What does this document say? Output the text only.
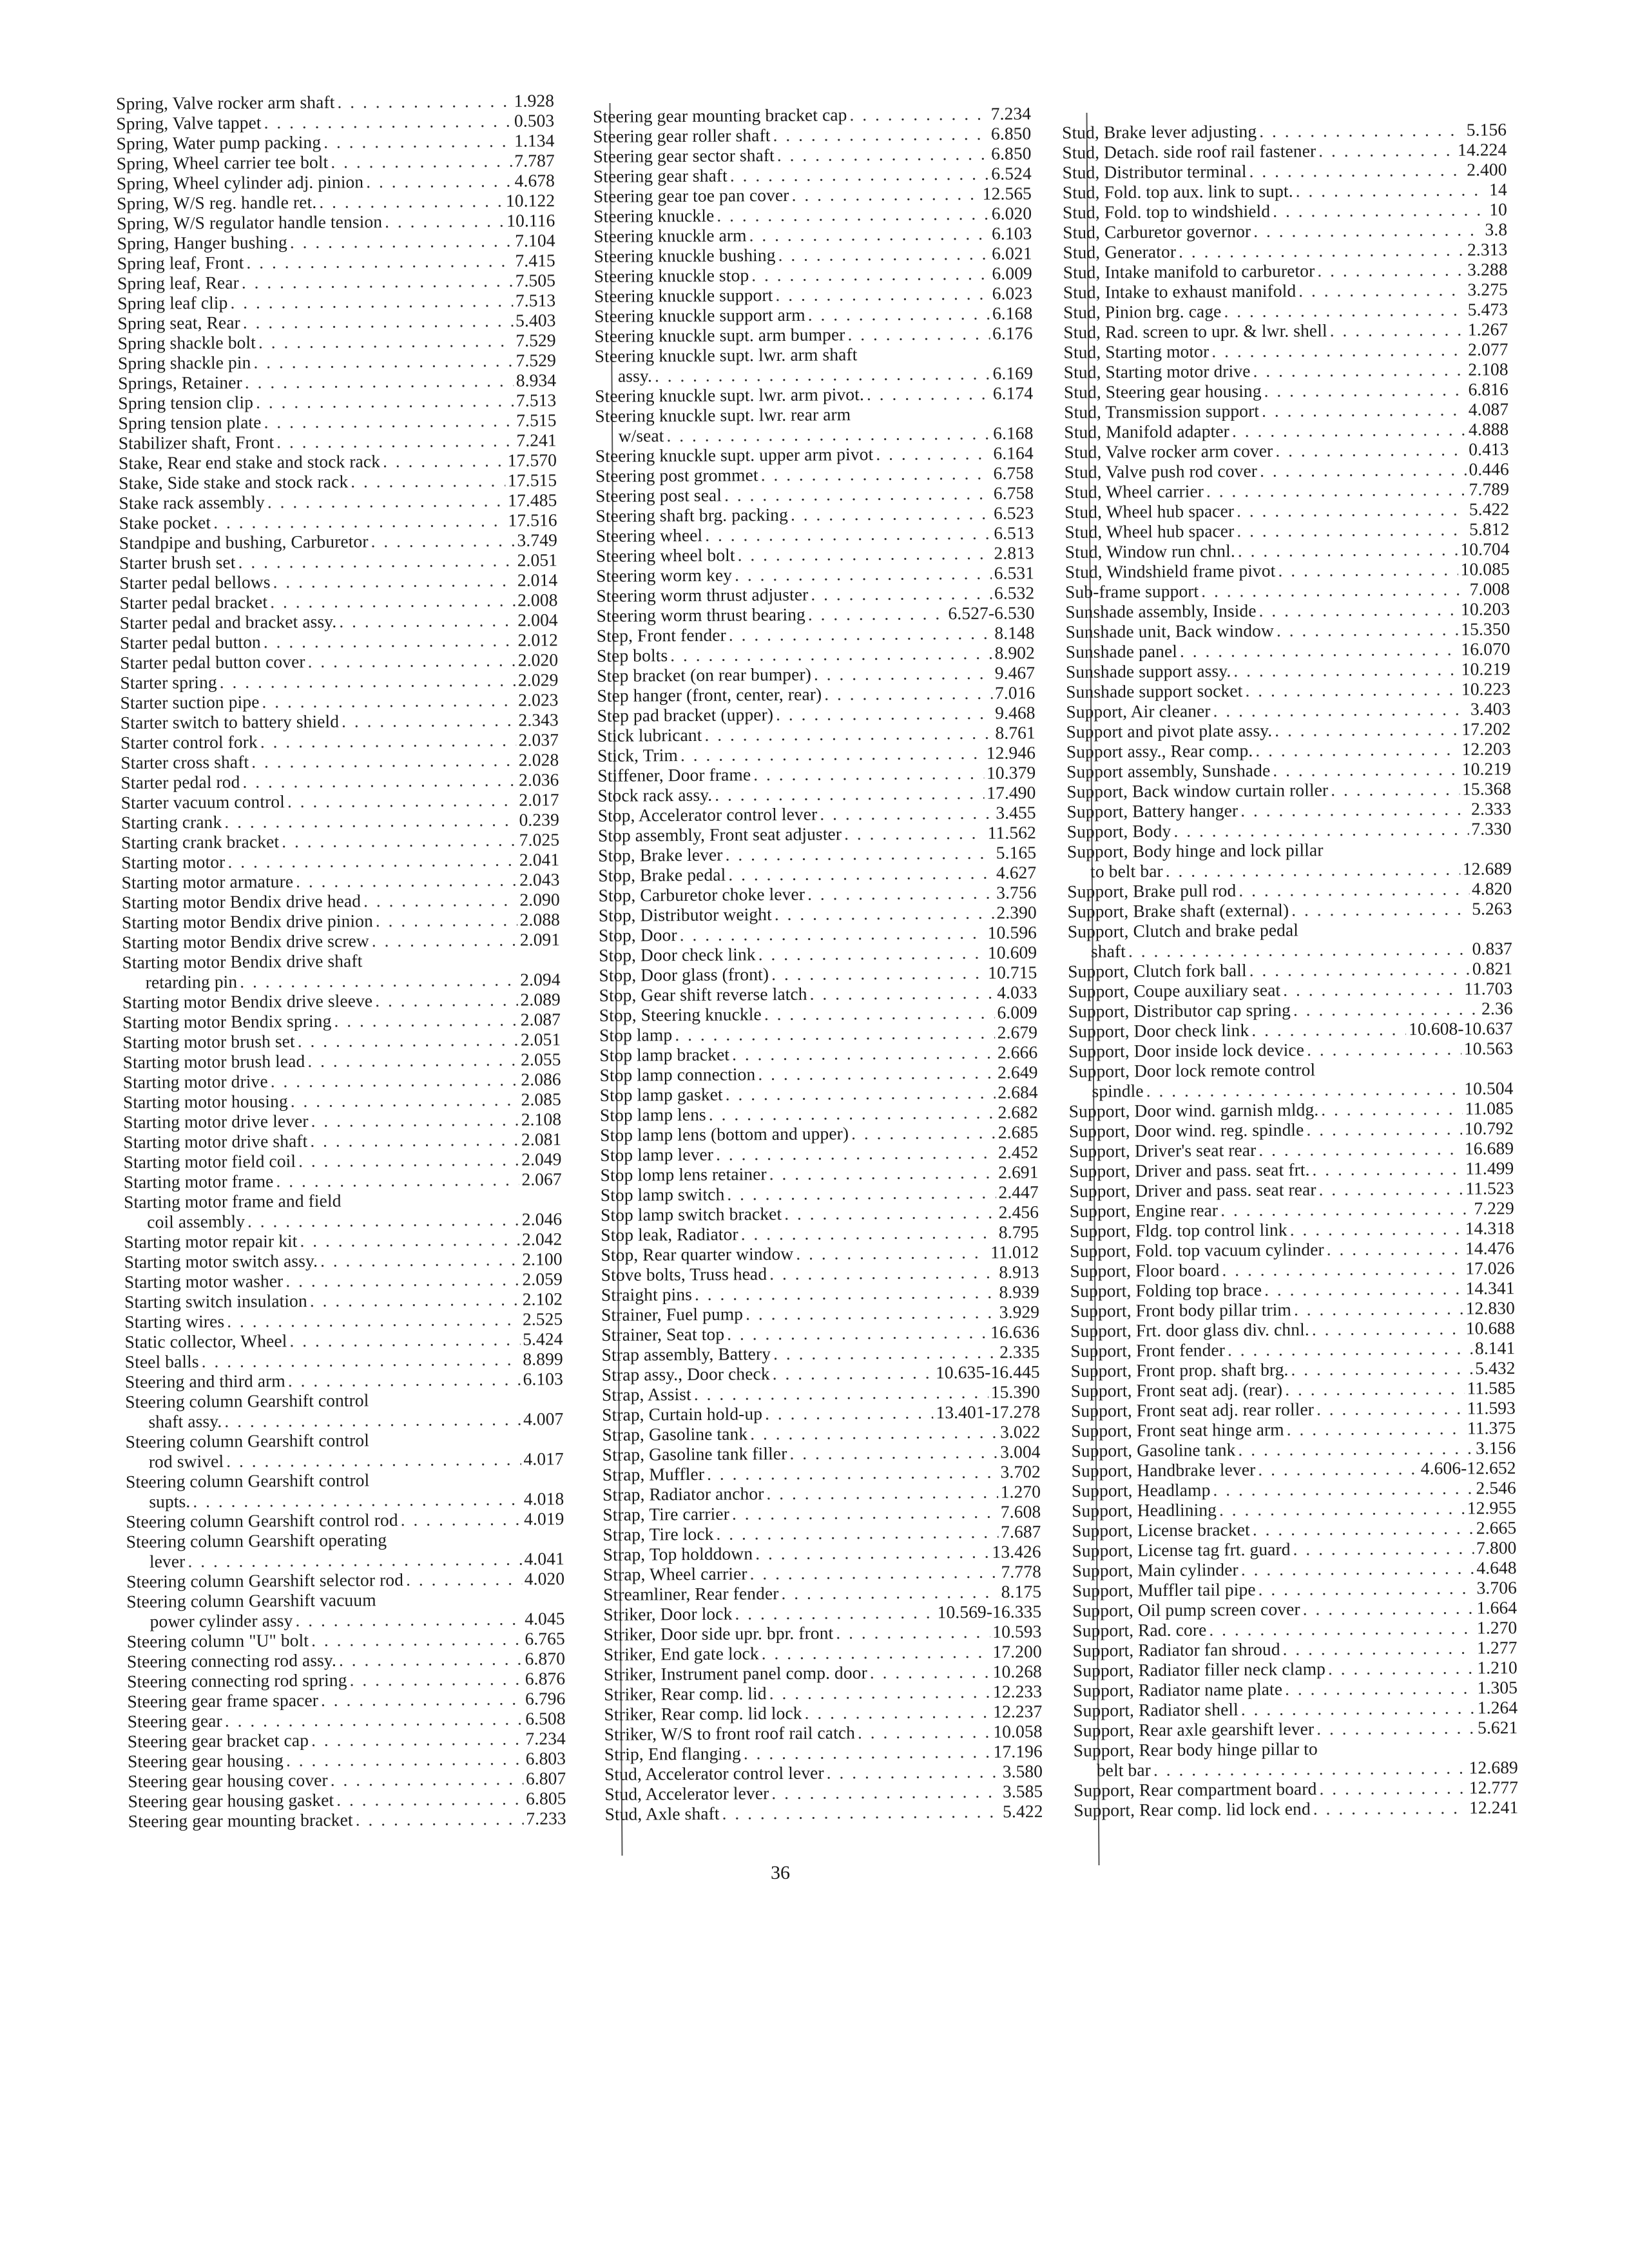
Spring, Valve rocker arm shaft . . .	1.928
Spring, Valve tappet . . .	0.503
Spring, Water pump packing . . .	1.134
Spring, Wheel carrier tee bolt . . .	7.787
Spring, Wheel cylinder adj. pinion . . .	4.678
Spring, W/S reg. handle ret. . . .	10.122
Spring, W/S regulator handle tension . . .	10.116
Spring, Hanger bushing . . .	7.104
Spring leaf, Front . . .	7.415
Spring leaf, Rear . . .	7.505
Spring leaf clip . . .	7.513
Spring seat, Rear . . .	5.403
Spring shackle bolt . . .	7.529
Spring shackle pin . . .	7.529
Springs, Retainer . . .	8.934
Spring tension clip . . .	7.513
Spring tension plate . . .	7.515
Stabilizer shaft, Front . . .	7.241
Stake, Rear end stake and stock rack . . .	17.570
Stake, Side stake and stock rack . . .	17.515
Stake rack assembly . . .	17.485
Stake pocket . . .	17.516
Standpipe and bushing, Carburetor . . .	3.749
Starter brush set . . .	2.051
Starter pedal bellows . . .	2.014
Starter pedal bracket . . .	2.008
Starter pedal and bracket assy. . . .	2.004
Starter pedal button . . .	2.012
Starter pedal button cover . . .	2.020
Starter spring . . .	2.029
Starter suction pipe . . .	2.023
Starter switch to battery shield . . .	2.343
Starter control fork . . .	2.037
Starter cross shaft . . .	2.028
Starter pedal rod . . .	2.036
Starter vacuum control . . .	2.017
Starting crank . . .	0.239
Starting crank bracket . . .	7.025
Starting motor . . .	2.041
Starting motor armature . . .	2.043
Starting motor Bendix drive head . . .	2.090
Starting motor Bendix drive pinion . . .	2.088
Starting motor Bendix drive screw . . .	2.091
Starting motor Bendix drive shaft
retarding pin . . .	2.094
Starting motor Bendix drive sleeve . . .	2.089
Starting motor Bendix spring . . .	2.087
Starting motor brush set . . .	2.051
Starting motor brush lead . . .	2.055
Starting motor drive . . .	2.086
Starting motor housing . . .	2.085
Starting motor drive lever . . .	2.108
Starting motor drive shaft . . .	2.081
Starting motor field coil . . .	2.049
Starting motor frame . . .	2.067
Starting motor frame and field
coil assembly . . .	2.046
Starting motor repair kit . . .	2.042
Starting motor switch assy. . . .	2.100
Starting motor washer . . .	2.059
Starting switch insulation . . .	2.102
Starting wires . . .	2.525
Static collector, Wheel . . .	5.424
Steel balls . . .	8.899
Steering and third arm . . .	6.103
Steering column Gearshift control
shaft assy. . . .	4.007
Steering column Gearshift control
rod swivel . . .	4.017
Steering column Gearshift control
supts. . . .	4.018
Steering column Gearshift control rod . . .	4.019
Steering column Gearshift operating
lever . . .	4.041
Steering column Gearshift selector rod . . .	4.020
Steering column Gearshift vacuum
power cylinder assy . . .	4.045
Steering column "U" bolt . . .	6.765
Steering connecting rod assy. . . .	6.870
Steering connecting rod spring . . .	6.876
Steering gear frame spacer . . .	6.796
Steering gear . . .	6.508
Steering gear bracket cap . . .	7.234
Steering gear housing . . .	6.803
Steering gear housing cover . . .	6.807
Steering gear housing gasket . . .	6.805
Steering gear mounting bracket . . .	7.233
Steering gear mounting bracket cap . . .	7.234
Steering gear roller shaft . . .	6.850
Steering gear sector shaft . . .	6.850
Steering gear shaft . . .	6.524
Steering gear toe pan cover . . .	12.565
Steering knuckle . . .	6.020
Steering knuckle arm . . .	6.103
Steering knuckle bushing . . .	6.021
Steering knuckle stop . . .	6.009
Steering knuckle support . . .	6.023
Steering knuckle support arm . . .	6.168
Steering knuckle supt. arm bumper . . .	6.176
Steering knuckle supt. lwr. arm shaft
assy. . . .	6.169
Steering knuckle supt. lwr. arm pivot. . . .	6.174
Steering knuckle supt. lwr. rear arm
w/seat . . .	6.168
Steering knuckle supt. upper arm pivot . . .	6.164
Steering post grommet . . .	6.758
Steering post seal . . .	6.758
Steering shaft brg. packing . . .	6.523
Steering wheel . . .	6.513
Steering wheel bolt . . .	2.813
Steering worm key . . .	6.531
Steering worm thrust adjuster . . .	6.532
Steering worm thrust bearing . . .	6.527-6.530
Step, Front fender . . .	8.148
Step bolts . . .	8.902
Step bracket (on rear bumper) . . .	9.467
Step hanger (front, center, rear) . . .	7.016
Step pad bracket (upper) . . .	9.468
Stick lubricant . . .	8.761
Stick, Trim . . .	12.946
Stiffener, Door frame . . .	10.379
Stock rack assy. . . .	17.490
Stop, Accelerator control lever . . .	3.455
Stop assembly, Front seat adjuster . . .	11.562
Stop, Brake lever . . .	5.165
Stop, Brake pedal . . .	4.627
Stop, Carburetor choke lever . . .	3.756
Stop, Distributor weight . . .	2.390
Stop, Door . . .	10.596
Stop, Door check link . . .	10.609
Stop, Door glass (front) . . .	10.715
Stop, Gear shift reverse latch . . .	4.033
Stop, Steering knuckle . . .	6.009
Stop lamp . . .	2.679
Stop lamp bracket . . .	2.666
Stop lamp connection . . .	2.649
Stop lamp gasket . . .	2.684
Stop lamp lens . . .	2.682
Stop lamp lens (bottom and upper) . . .	2.685
Stop lamp lever . . .	2.452
Stop lomp lens retainer . . .	2.691
Stop lamp switch . . .	2.447
Stop lamp switch bracket . . .	2.456
Stop leak, Radiator . . .	8.795
Stop, Rear quarter window . . .	11.012
Stove bolts, Truss head . . .	8.913
Straight pins . . .	8.939
Strainer, Fuel pump . . .	3.929
Strainer, Seat top . . .	16.636
Strap assembly, Battery . . .	2.335
Strap assy., Door check . . .	10.635-16.445
Strap, Assist . . .	15.390
Strap, Curtain hold-up . . .	13.401-17.278
Strap, Gasoline tank . . .	3.022
Strap, Gasoline tank filler . . .	3.004
Strap, Muffler . . .	3.702
Strap, Radiator anchor . . .	1.270
Strap, Tire carrier . . .	7.608
Strap, Tire lock . . .	7.687
Strap, Top holddown . . .	13.426
Strap, Wheel carrier . . .	7.778
Streamliner, Rear fender . . .	8.175
Striker, Door lock . . .	10.569-16.335
Striker, Door side upr. bpr. front . . .	10.593
Striker, End gate lock . . .	17.200
Striker, Instrument panel comp. door . . .	10.268
Striker, Rear comp. lid . . .	12.233
Striker, Rear comp. lid lock . . .	12.237
Striker, W/S to front roof rail catch . . .	10.058
Strip, End flanging . . .	17.196
Stud, Accelerator control lever . . .	3.580
Stud, Accelerator lever . . .	3.585
Stud, Axle shaft . . .	5.422
Stud, Brake lever adjusting . . .	5.156
Stud, Detach. side roof rail fastener . . .	14.224
Stud, Distributor terminal . . .	2.400
Stud, Fold. top aux. link to supt. . . .	14
Stud, Fold. top to windshield . . .	10
Stud, Carburetor governor . . .	3.8
Stud, Generator . . .	2.313
Stud, Intake manifold to carburetor . . .	3.288
Stud, Intake to exhaust manifold . . .	3.275
Stud, Pinion brg. cage . . .	5.473
Stud, Rad. screen to upr. & lwr. shell . . .	1.267
Stud, Starting motor . . .	2.077
Stud, Starting motor drive . . .	2.108
Stud, Steering gear housing . . .	6.816
Stud, Transmission support . . .	4.087
Stud, Manifold adapter . . .	4.888
Stud, Valve rocker arm cover . . .	0.413
Stud, Valve push rod cover . . .	0.446
Stud, Wheel carrier . . .	7.789
Stud, Wheel hub spacer . . .	5.422
Stud, Wheel hub spacer . . .	5.812
Stud, Window run chnl. . . .	10.704
Stud, Windshield frame pivot . . .	10.085
Sub-frame support . . .	7.008
Sunshade assembly, Inside . . .	10.203
Sunshade unit, Back window . . .	15.350
Sunshade panel . . .	16.070
Sunshade support assy. . . .	10.219
Sunshade support socket . . .	10.223
Support, Air cleaner . . .	3.403
Support and pivot plate assy. . . .	17.202
Support assy., Rear comp. . . .	12.203
Support assembly, Sunshade . . .	10.219
Support, Back window curtain roller . . .	15.368
Support, Battery hanger . . .	2.333
Support, Body . . .	7.330
Support, Body hinge and lock pillar
to belt bar . . .	12.689
Support, Brake pull rod . . .	4.820
Support, Brake shaft (external) . . .	5.263
Support, Clutch and brake pedal
shaft . . .	0.837
Support, Clutch fork ball . . .	0.821
Support, Coupe auxiliary seat . . .	11.703
Support, Distributor cap spring . . .	2.36
Support, Door check link . . .	10.608-10.637
Support, Door inside lock device . . .	10.563
Support, Door lock remote control
spindle . . .	10.504
Support, Door wind. garnish mldg. . . .	11.085
Support, Door wind. reg. spindle . . .	10.792
Support, Driver's seat rear . . .	16.689
Support, Driver and pass. seat frt. . . .	11.499
Support, Driver and pass. seat rear . . .	11.523
Support, Engine rear . . .	7.229
Support, Fldg. top control link . . .	14.318
Support, Fold. top vacuum cylinder . . .	14.476
Support, Floor board . . .	17.026
Support, Folding top brace . . .	14.341
Support, Front body pillar trim . . .	12.830
Support, Frt. door glass div. chnl. . . .	10.688
Support, Front fender . . .	8.141
Support, Front prop. shaft brg. . . .	5.432
Support, Front seat adj. (rear) . . .	11.585
Support, Front seat adj. rear roller . . .	11.593
Support, Front seat hinge arm . . .	11.375
Support, Gasoline tank . . .	3.156
Support, Handbrake lever . . .	4.606-12.652
Support, Headlamp . . .	2.546
Support, Headlining . . .	12.955
Support, License bracket . . .	2.665
Support, License tag frt. guard . . .	7.800
Support, Main cylinder . . .	4.648
Support, Muffler tail pipe . . .	3.706
Support, Oil pump screen cover . . .	1.664
Support, Rad. core . . .	1.270
Support, Radiator fan shroud . . .	1.277
Support, Radiator filler neck clamp . . .	1.210
Support, Radiator name plate . . .	1.305
Support, Radiator shell . . .	1.264
Support, Rear axle gearshift lever . . .	5.621
Support, Rear body hinge pillar to
belt bar . . .	12.689
Support, Rear compartment board . . .	12.777
Support, Rear comp. lid lock end . . .	12.241
36
